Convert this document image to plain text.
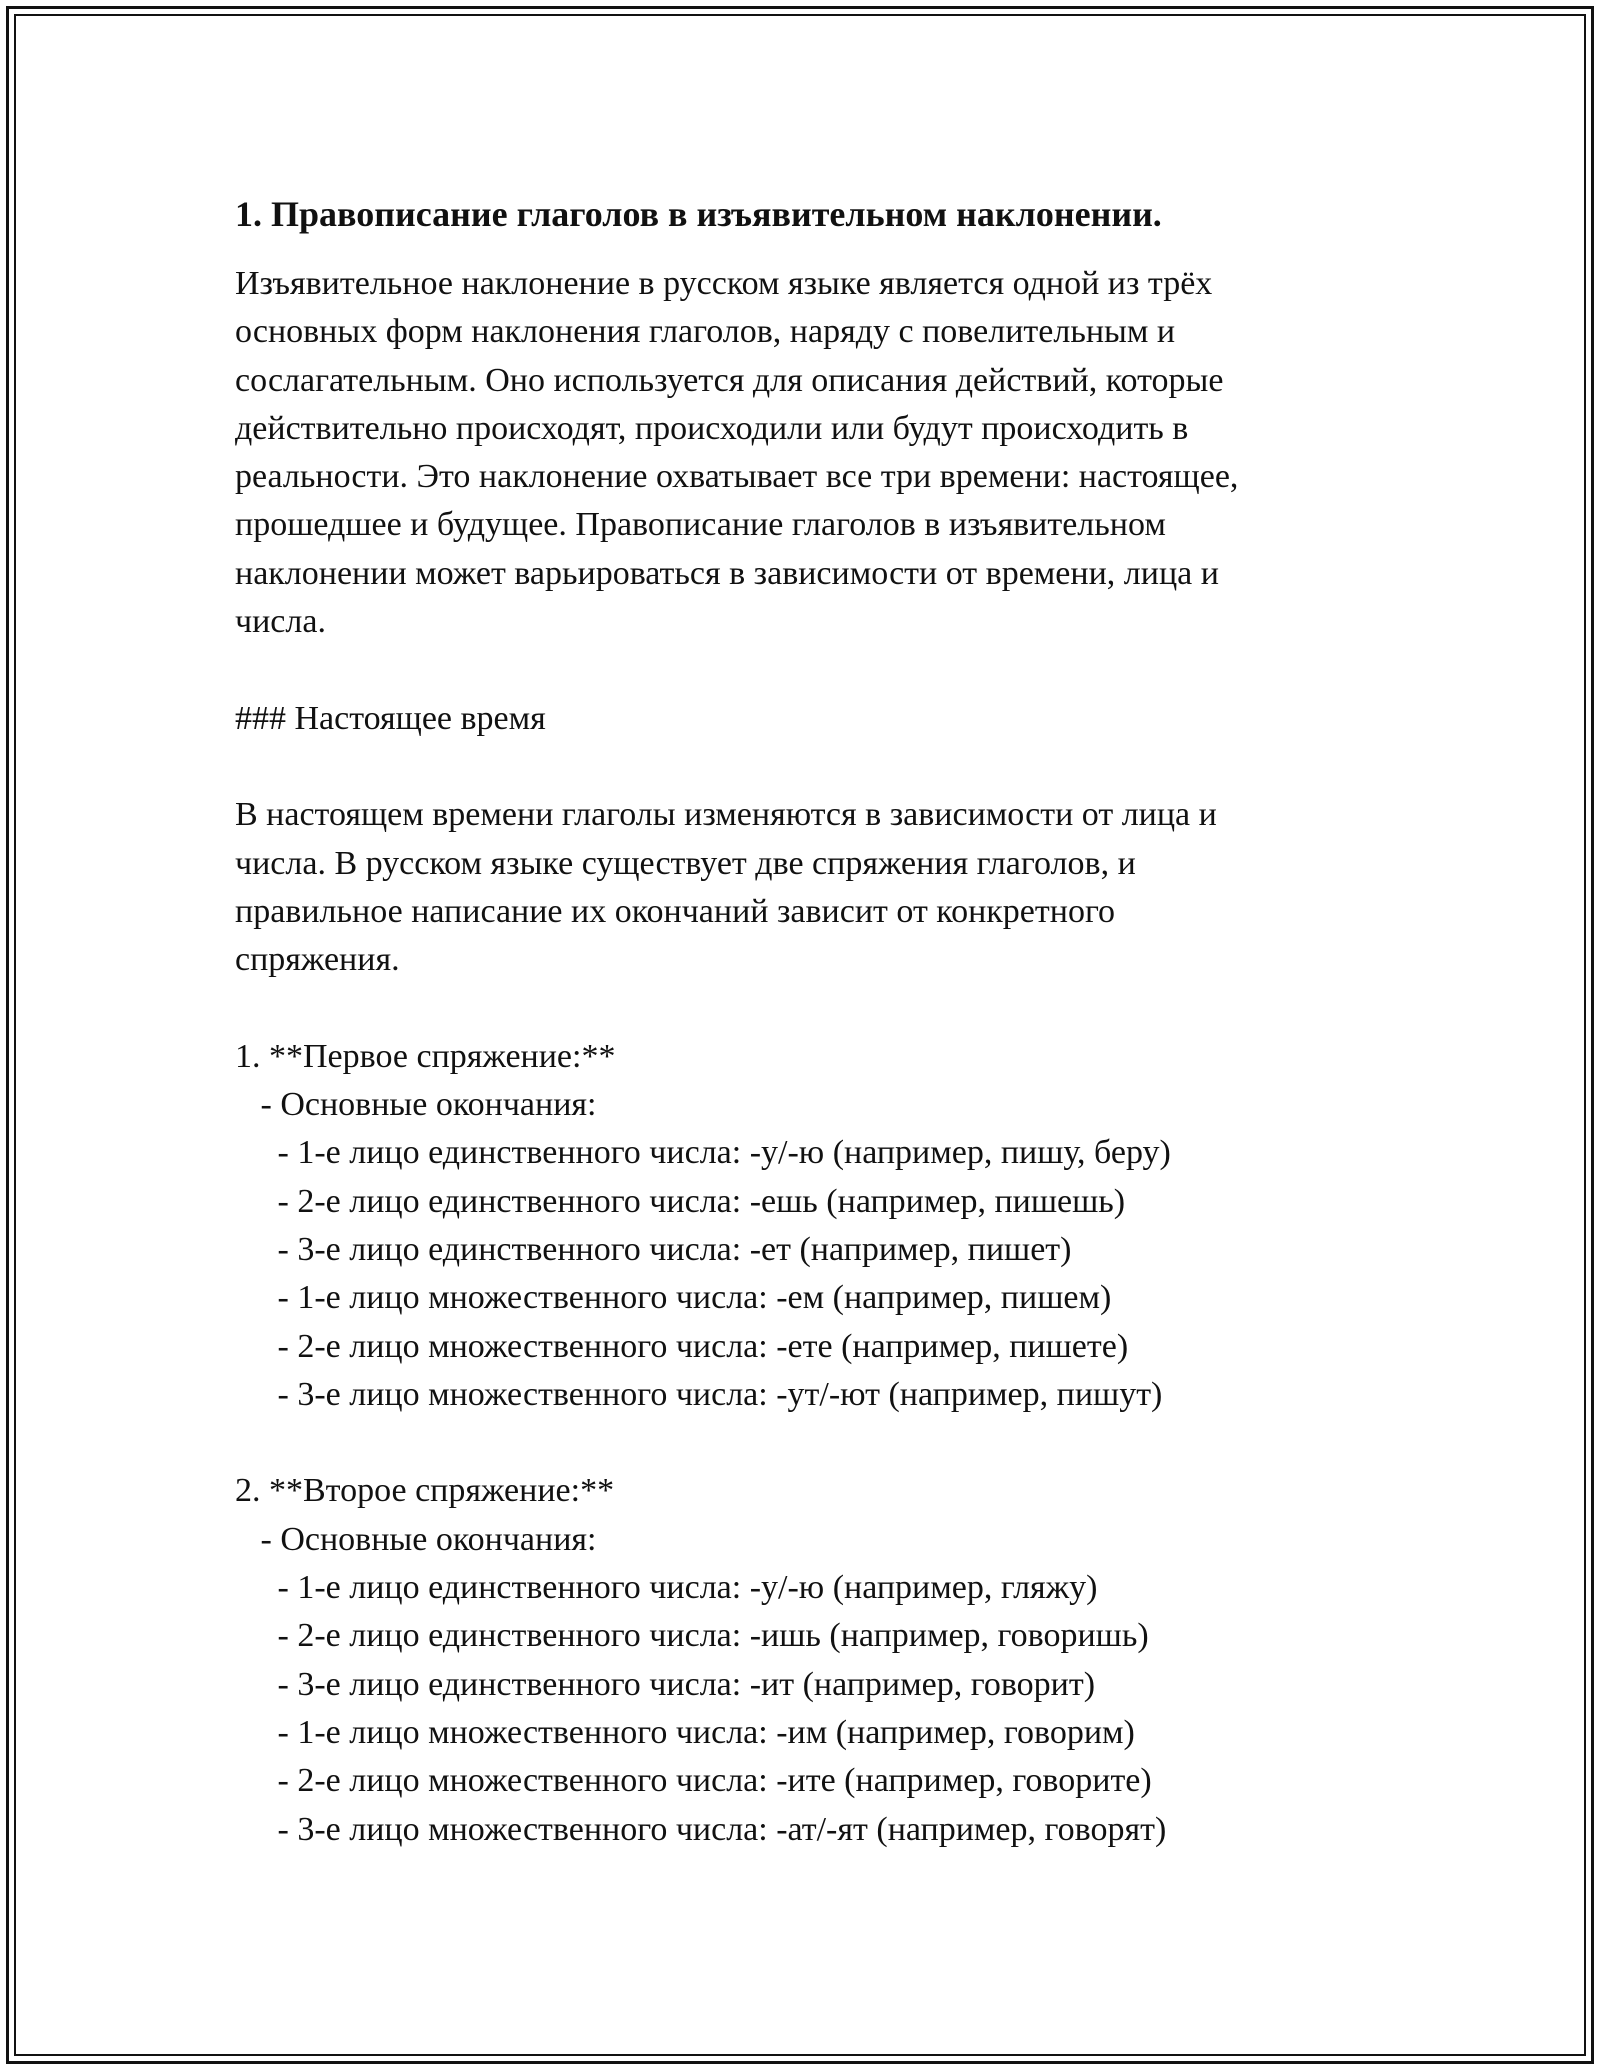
1. Правописание глаголов в изъявительном наклонении.
Изъявительное наклонение в русском языке является одной из трёх
основных форм наклонения глаголов, наряду с повелительным и
сослагательным. Оно используется для описания действий, которые
действительно происходят, происходили или будут происходить в
реальности. Это наклонение охватывает все три времени: настоящее,
прошедшее и будущее. Правописание глаголов в изъявительном
наклонении может варьироваться в зависимости от времени, лица и
числа.
### Настоящее время
В настоящем времени глаголы изменяются в зависимости от лица и
числа. В русском языке существует две спряжения глаголов, и
правильное написание их окончаний зависит от конкретного
спряжения.
1. **Первое спряжение:**
- Основные окончания:
- 1-е лицо единственного числа: -у/-ю (например, пишу, беру)
- 2-е лицо единственного числа: -ешь (например, пишешь)
- 3-е лицо единственного числа: -ет (например, пишет)
- 1-е лицо множественного числа: -ем (например, пишем)
- 2-е лицо множественного числа: -ете (например, пишете)
- 3-е лицо множественного числа: -ут/-ют (например, пишут)
2. **Второе спряжение:**
- Основные окончания:
- 1-е лицо единственного числа: -у/-ю (например, гляжу)
- 2-е лицо единственного числа: -ишь (например, говоришь)
- 3-е лицо единственного числа: -ит (например, говорит)
- 1-е лицо множественного числа: -им (например, говорим)
- 2-е лицо множественного числа: -ите (например, говорите)
- 3-е лицо множественного числа: -ат/-ят (например, говорят)
